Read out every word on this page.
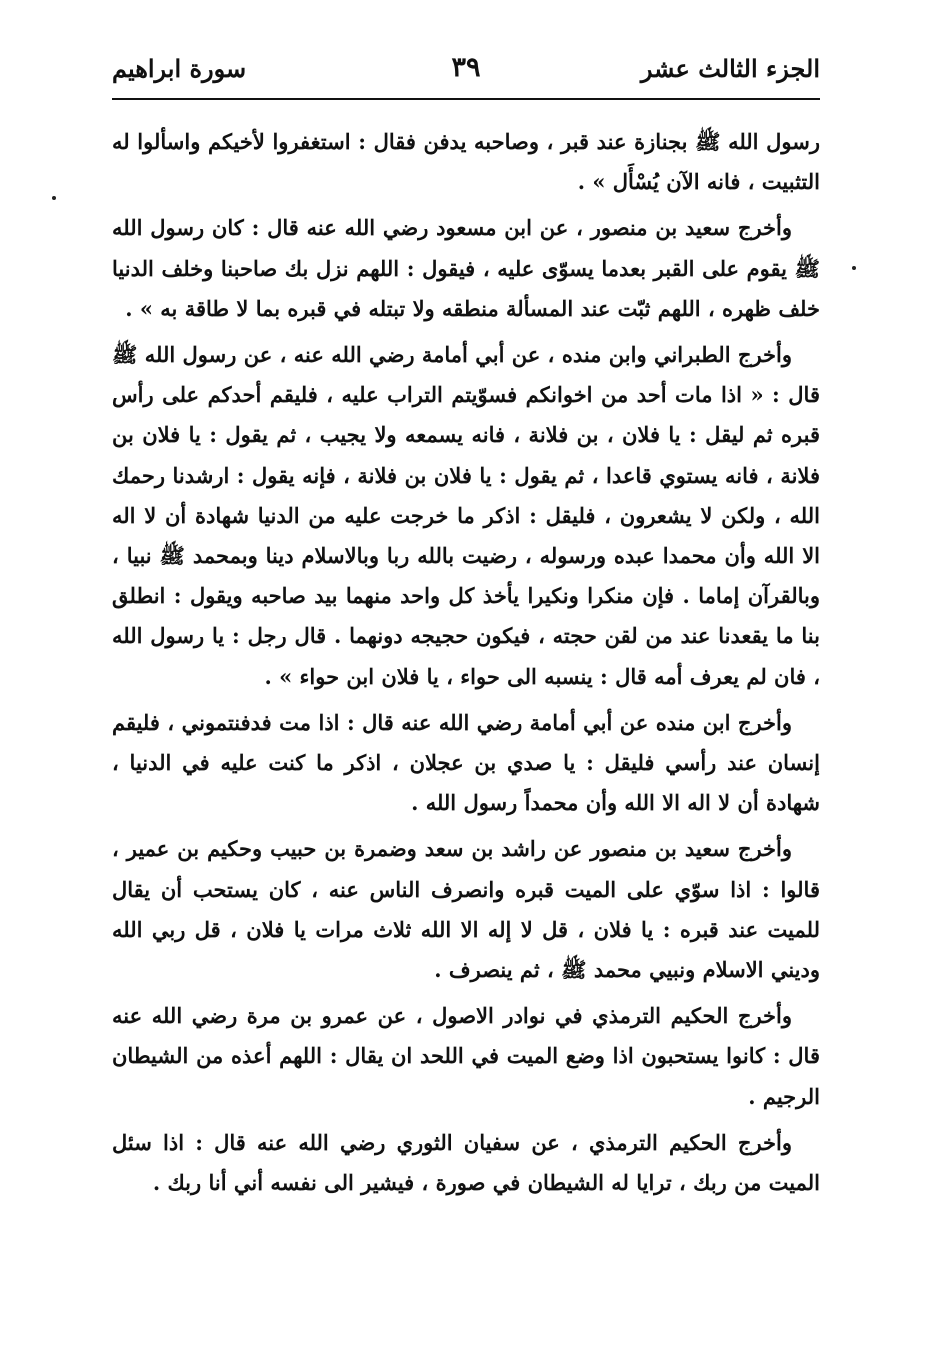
الجزء الثالث عشر
٣٩
سورة ابراهيم

رسول الله ﷺ بجنازة عند قبر ، وصاحبه يدفن فقال : استغفروا لأخيكم واسألوا له التثبيت ، فانه الآن يُسْأَل » .

وأخرج سعيد بن منصور ، عن ابن مسعود رضي الله عنه قال : كان رسول الله ﷺ يقوم على القبر بعدما يسوّى عليه ، فيقول : اللهم نزل بك صاحبنا وخلف الدنيا خلف ظهره ، اللهم ثبّت عند المسألة منطقه ولا تبتله في قبره بما لا طاقة به » .

وأخرج الطبراني وابن منده ، عن أبي أمامة رضي الله عنه ، عن رسول الله ﷺ قال : « اذا مات أحد من اخوانكم فسوّيتم التراب عليه ، فليقم أحدكم على رأس قبره ثم ليقل : يا فلان ، بن فلانة ، فانه يسمعه ولا يجيب ، ثم يقول : يا فلان بن فلانة ، فانه يستوي قاعدا ، ثم يقول : يا فلان بن فلانة ، فإنه يقول : ارشدنا رحمك الله ، ولكن لا يشعرون ، فليقل : اذكر ما خرجت عليه من الدنيا شهادة أن لا اله الا الله وأن محمدا عبده ورسوله ، رضيت بالله ربا وبالاسلام دينا وبمحمد ﷺ نبيا ، وبالقرآن إماما . فإن منكرا ونكيرا يأخذ كل واحد منهما بيد صاحبه ويقول : انطلق بنا ما يقعدنا عند من لقن حجته ، فيكون حجيجه دونهما . قال رجل : يا رسول الله ، فان لم يعرف أمه قال : ينسبه الى حواء ، يا فلان ابن حواء » .

وأخرج ابن منده عن أبي أمامة رضي الله عنه قال : اذا مت فدفنتموني ، فليقم إنسان عند رأسي فليقل : يا صدي بن عجلان ، اذكر ما كنت عليه في الدنيا ، شهادة أن لا اله الا الله وأن محمداً رسول الله .

وأخرج سعيد بن منصور عن راشد بن سعد وضمرة بن حبيب وحكيم بن عمير ، قالوا : اذا سوّي على الميت قبره وانصرف الناس عنه ، كان يستحب أن يقال للميت عند قبره : يا فلان ، قل لا إله الا الله ثلاث مرات يا فلان ، قل ربي الله وديني الاسلام ونبيي محمد ﷺ ، ثم ينصرف .

وأخرج الحكيم الترمذي في نوادر الاصول ، عن عمرو بن مرة رضي الله عنه قال : كانوا يستحبون اذا وضع الميت في اللحد ان يقال : اللهم أعذه من الشيطان الرجيم .

وأخرج الحكيم الترمذي ، عن سفيان الثوري رضي الله عنه قال : اذا سئل الميت من ربك ، ترايا له الشيطان في صورة ، فيشير الى نفسه أني أنا ربك .
